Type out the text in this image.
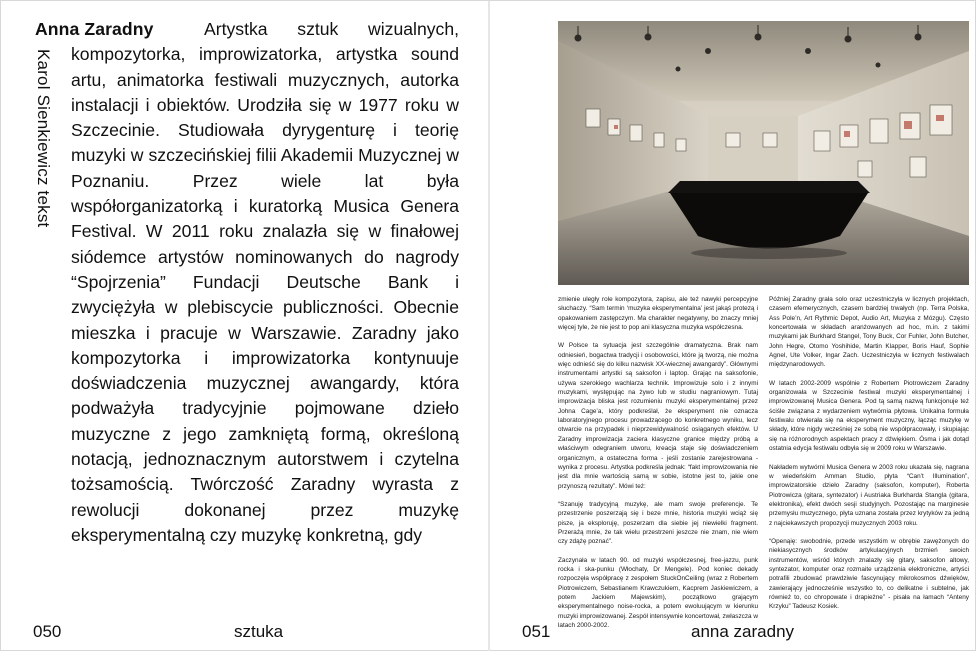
Karol Sienkiewicz tekst
Anna Zaradny	Artystka sztuk wizualnych, kompozytorka, improwizatorka, artystka sound artu, animatorka festiwali muzycznych, autorka instalacji i obiektów. Urodziła się w 1977 roku w Szczecinie. Studiowała dyrygenturę i teorię muzyki w szczecińskiej filii Akademii Muzycznej w Poznaniu. Przez wiele lat była współorganizatorką i kuratorką Musica Genera Festival. W 2011 roku znalazła się w finałowej siódemce artystów nominowanych do nagrody “Spojrzenia” Fundacji Deutsche Bank i zwyciężyła w plebiscycie publiczności. Obecnie mieszka i pracuje w Warszawie. Zaradny jako kompozytorka i improwizatorka kontynuuje doświadczenia muzycznej awangardy, która podważyła tradycyjnie pojmowane dzieło muzyczne z jego zamkniętą formą, określoną notacją, jednoznacznym autorstwem i czytelna tożsamością. Twórczość Zaradny wyrasta z rewolucji dokonanej przez muzykę eksperymentalną czy muzykę konkretną, gdy

050	sztuka

zmienie uległy role kompozytora, zapisu, ale też nawyki percepcyjne słuchaczy. “Sam termin ‘muzyka eksperymentalna’ jest jakąś protezą i opakowaniem zastępczym. Ma charakter negatywny, bo znaczy mniej więcej tyle, że nie jest to pop ani klasyczna muzyka współczesna.

W Polsce ta sytuacja jest szczególnie dramatyczna. Brak nam odniesień, bogactwa tradycji i osobowości, które ją tworzą, nie można więc odnieść się do kilku nazwisk XX-wiecznej awangardy”. Głównymi instrumentami artystki są saksofon i laptop. Grając na saksofonie, używa szerokiego wachlarza technik. Improwizuje solo i z innymi muzykami, występując na żywo lub w studiu nagraniowym. Tutaj improwizacja bliska jest rozumieniu muzyki eksperymentalnej przez Johna Cage’a, który podkreślał, że eksperyment nie oznacza laboratoryjnego procesu prowadzącego do konkretnego wyniku, lecz otwarcie na przypadek i nieprzewidywalność osiąganych efektów. U Zaradny improwizacja zaciera klasyczne granice między próbą a właściwym odegraniem utworu, kreacja staje się doświadczeniem organicznym, a ostateczna forma - jeśli zostanie zarejestrowana - wynika z procesu. Artystka podkreśla jednak: “fakt improwizowania nie jest dla mnie wartością samą w sobie, istotne jest to, jakie one przynoszą rezultaty”. Mówi też:

“Szanuję tradycyjną muzykę, ale mam swoje preferencje. Te przestrzenie poszerzają się i beze mnie, historia muzyki wciąż się pisze, ja eksploruję, poszerzam dla siebie jej niewielki fragment. Przerażą mnie, że tak wielu przestrzeni jeszcze nie znam, nie wiem czy zdążę poznać”.

Zaczynała w latach 90. od muzyki współczesnej, free-jazzu, punk rocka i ska-punku (Włochaty, Dr Mengele). Pod koniec dekady rozpoczęła współpracę z zespołem StuckOnCeiling (wraz z Robertem Piotrowiczem, Sebastianem Krawczukiem, Kacprem Jaskiewiczem, a potem Jackiem Majewskim), początkowo grającym eksperymentalnego noise-rocka, a potem ewoluującym w kierunku muzyki improwizowanej. Zespół intensywnie koncertował, zwłaszcza w latach 2000-2002.

Później Zaradny grała solo oraz uczestniczyła w licznych projektach, czasem efemerycznych, czasem bardziej trwałych (np. Terra Polska, Ass Pole’n, Art Rythmic Depot, Audio Art, Muzyka z Mózgu). Często koncertowała w składach aranżowanych ad hoc, m.in. z takimi muzykami jak Burkhard Stangel, Tony Buck, Cor Fuhler, John Butcher, John Hegre, Otomo Yoshihide, Martin Klapper, Boris Hauf, Sophie Agnel, Ute Volker, Ingar Zach. Uczestniczyła w licznych festiwalach międzynarodowych.

W latach 2002-2009 wspólnie z Robertem Piotrowiczem Zaradny organizowała w Szczecinie festiwal muzyki eksperymentalnej i improwizowanej Musica Genera. Pod tą samą nazwą funkcjonuje też ściśle związana z wydarzeniem wytwórnia płytowa. Unikalna formuła festiwalu otwierała się na eksperyment muzyczny, łącząc muzykę w składy, które nigdy wcześniej ze sobą nie współpracowały, i skupiając się na różnorodnych aspektach pracy z dźwiękiem. Ósma i jak dotąd ostatnia edycja festiwalu odbyła się w 2009 roku w Warszawie.

Nakładem wytwórni Musica Genera w 2003 roku ukazała się, nagrana w wiedeńskim Amman Studio, płyta “Can’t Illumination”, improwizatorskie dzieło Zaradny (saksofon, komputer), Roberta Piotrowicza (gitara, syntezator) i Austriaka Burkharda Stangla (gitara, elektronika), efekt dwóch sesji studyjnych. Pozostając na marginesie przemysłu muzycznego, płyta uznana została przez krytyków za jedną z najciekawszych propozycji muzycznych 2003 roku.

“Openąię: swobodnie, przede wszystkim w obrębie zawężonych do niekiasycznych środków artykulacyjnych brzmień swoich instrumentów, wśród których znalazły się gitary, saksofon altowy, syntezator, komputer oraz rozmaite urządzenia elektroniczne, artyści potrafili zbudować prawdziwie fascynujący mikrokosmos dźwięków, zawierający jednocześnie wszystko to, co delikatne i subtelne, jak również to, co chropowate i drapieżne” - pisała na łamach “Anteny Krzyku” Tadeusz Kosiek.

051	anna zaradny
